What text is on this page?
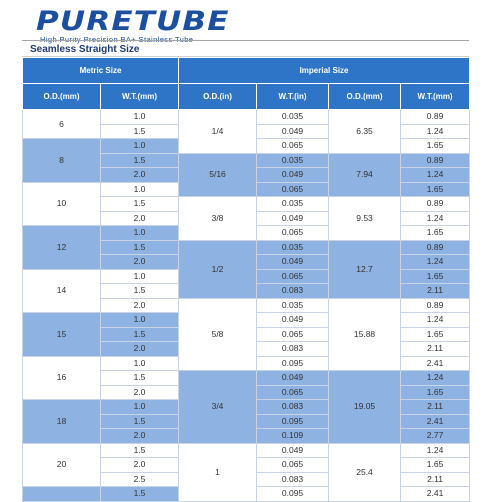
PURETUBE
Seamless Straight Size
Metric Size		Imperial Size			
O.D.(mm)	W.T.(mm)	O.D.(in)	W.T.(in)	O.D.(mm)	W.T.(mm)
6	1.0	1/4	0.035	6.35	0.89
	1.5		0.049		1.24
8	1.0		0.065		1.65
	1.5	5/16	0.035	7.94	0.89
	2.0		0.049		1.24
10	1.0		0.065		1.65
	1.5	3/8	0.035	9.53	0.89
	2.0		0.049		1.24
12	1.0		0.065		1.65
	1.5	1/2	0.035	12.7	0.89
	2.0		0.049		1.24
14	1.0		0.065		1.65
	1.5		0.083		2.11
	2.0	5/8	0.035	15.88	0.89
15	1.0		0.049		1.24
	1.5		0.065		1.65
	2.0		0.083		2.11
16	1.0		0.095		2.41
	1.5	3/4	0.049	19.05	1.24
	2.0		0.065		1.65
18	1.0		0.083		2.11
	1.5		0.095		2.41
	2.0		0.109		2.77
20	1.5	1	0.049	25.4	1.24
	2.0		0.065		1.65
	2.5		0.083		2.11
	1.5		0.095		2.41
